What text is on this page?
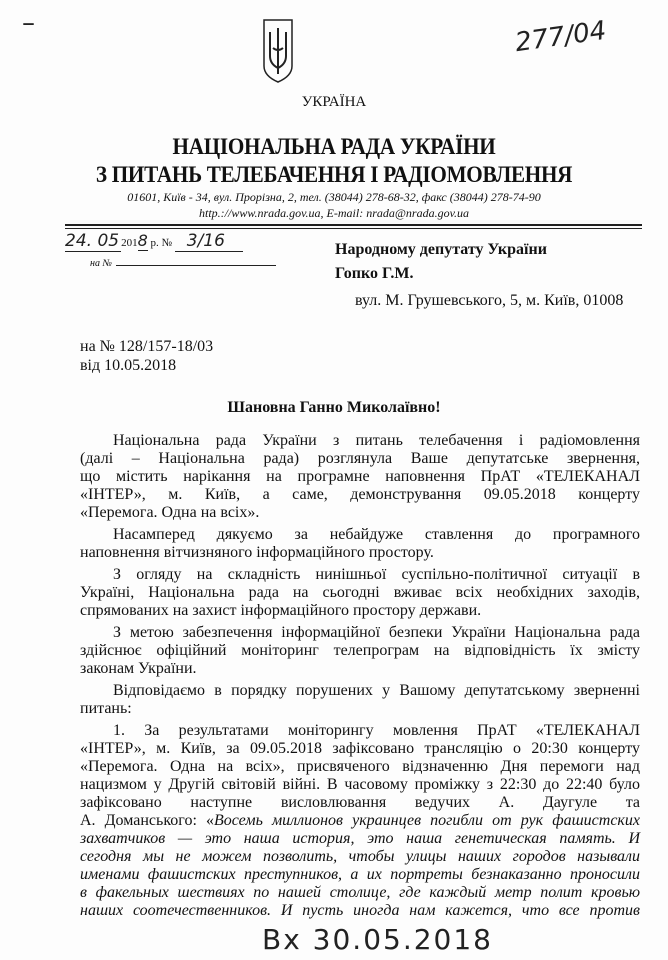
–	277/04
УКРАЇНА
НАЦІОНАЛЬНА РАДА УКРАЇНИ
З ПИТАНЬ ТЕЛЕБАЧЕННЯ І РАДІОМОВЛЕННЯ
01601, Київ - 34, вул. Прорізна, 2, тел. (38044) 278-68-32, факс (38044) 278-74-90
http.://www.nrada.gov.ua, E-mail: nrada@nrada.gov.ua
24. 05 2018 р. № 3/16
на №
Народному депутату України
Гопко Г.М.
вул. М. Грушевського, 5, м. Київ, 01008
на № 128/157-18/03
від 10.05.2018
Шановна Ганно Миколаївно!
Національна рада України з питань телебачення і радіомовлення
(далі – Національна рада) розглянула Ваше депутатське звернення,
що містить нарікання на програмне наповнення ПрАТ «ТЕЛЕКАНАЛ
«ІНТЕР», м. Київ, а саме, демонстрування 09.05.2018 концерту
«Перемога. Одна на всіх».
Насамперед дякуємо за небайдуже ставлення до програмного
наповнення вітчизняного інформаційного простору.
З огляду на складність нинішньої суспільно-політичної ситуації в
Україні, Національна рада на сьогодні вживає всіх необхідних заходів,
спрямованих на захист інформаційного простору держави.
З метою забезпечення інформаційної безпеки України Національна рада
здійснює офіційний моніторинг телепрограм на відповідність їх змісту
законам України.
Відповідаємо в порядку порушених у Вашому депутатському зверненні
питань:
1. За результатами моніторингу мовлення ПрАТ «ТЕЛЕКАНАЛ
«ІНТЕР», м. Київ, за 09.05.2018 зафіксовано трансляцію о 20:30 концерту
«Перемога. Одна на всіх», присвяченого відзначенню Дня перемоги над
нацизмом у Другій світовій війні. В часовому проміжку з 22:30 до 22:40 було
зафіксовано наступне висловлювання ведучих А. Даугуле та
А. Доманського: «Восемь миллионов украинцев погибли от рук фашистских
захватчиков — это наша история, это наша генетическая память. И
сегодня мы не можем позволить, чтобы улицы наших городов называли
именами фашистских преступников, а их портреты безнаказанно проносили
в факельных шествиях по нашей столице, где каждый метр полит кровью
наших соотечественников. И пусть иногда нам кажется, что все против
Вх 30.05.2018
